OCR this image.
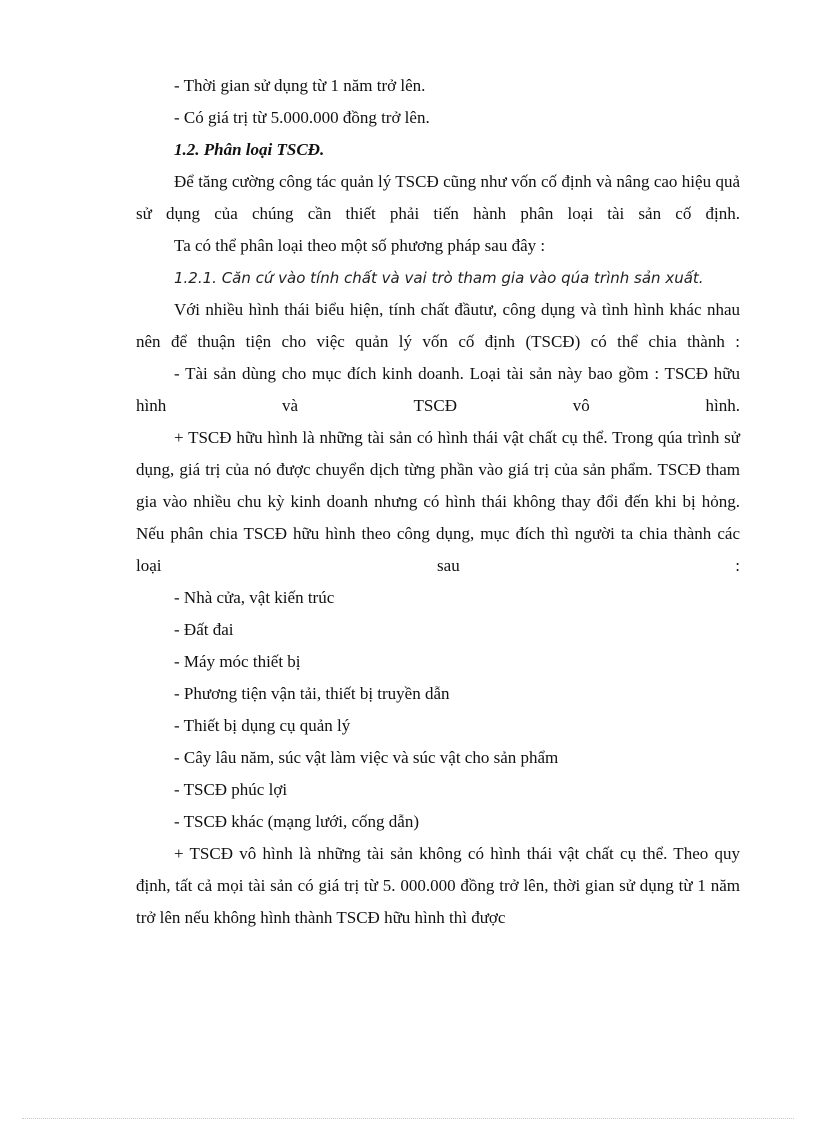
- Thời gian sử dụng từ 1 năm trở lên.

- Có giá trị từ 5.000.000 đồng trở lên.

1.2. Phân loại TSCĐ.

Để tăng cường công tác quản lý TSCĐ cũng như vốn cố định và nâng cao hiệu quả sử dụng của chúng cần thiết phải tiến hành phân loại tài sản cố định.

Ta có thể phân loại theo một số phương pháp sau đây :

1.2.1. Căn cứ vào tính chất và vai trò tham gia vào qúa trình sản xuất.

Với nhiều hình thái biểu hiện, tính chất đầutư, công dụng và tình hình khác nhau nên để thuận tiện cho việc quản lý vốn cố định (TSCĐ) có thể chia thành :

- Tài sản dùng cho mục đích kinh doanh. Loại tài sản này bao gồm : TSCĐ hữu hình và TSCĐ vô hình.

+ TSCĐ hữu hình là những tài sản có hình thái vật chất cụ thể. Trong qúa trình sử dụng, giá trị của nó được chuyển dịch từng phần vào giá trị của sản phẩm. TSCĐ tham gia vào nhiều chu kỳ kinh doanh nhưng có hình thái không thay đổi đến khi bị hỏng. Nếu phân chia TSCĐ hữu hình theo công dụng, mục đích thì người ta chia thành các loại sau :

- Nhà cửa, vật kiến trúc

- Đất đai

- Máy móc thiết bị

- Phương tiện vận tải, thiết bị truyền dẫn

- Thiết bị dụng cụ quản lý

- Cây lâu năm, súc vật làm việc và súc vật cho sản phẩm

- TSCĐ phúc lợi

- TSCĐ khác (mạng lưới, cống dẫn)

+ TSCĐ vô hình là những tài sản không có hình thái vật chất cụ thể. Theo quy định, tất cả mọi tài sản có giá trị từ 5. 000.000 đồng trở lên, thời gian sử dụng từ 1 năm trở lên nếu không hình thành TSCĐ hữu hình thì được
